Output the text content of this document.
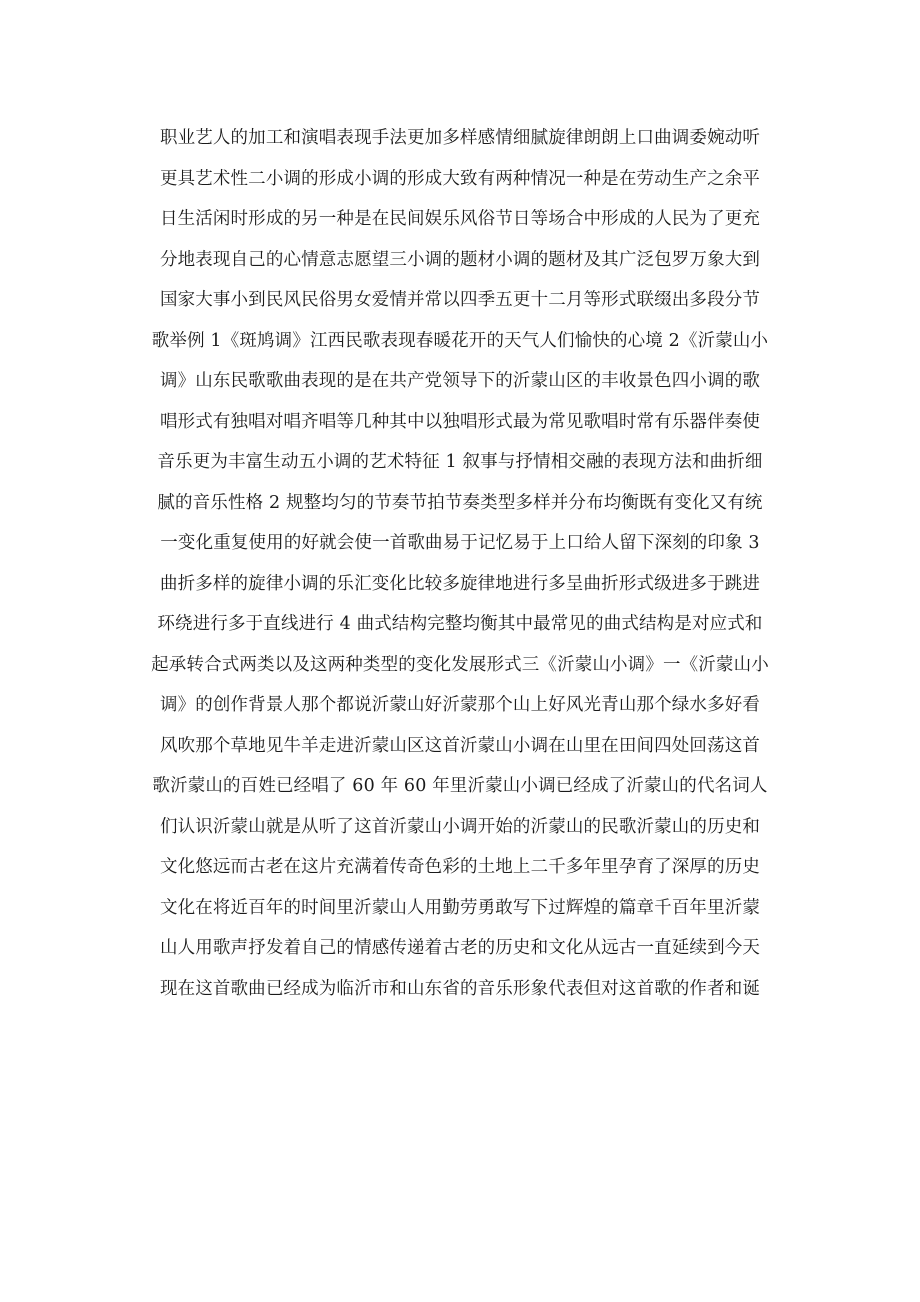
职业艺人的加工和演唱表现手法更加多样感情细腻旋律朗朗上口曲调委婉动听
更具艺术性二小调的形成小调的形成大致有两种情况一种是在劳动生产之余平
日生活闲时形成的另一种是在民间娱乐风俗节日等场合中形成的人民为了更充
分地表现自己的心情意志愿望三小调的题材小调的题材及其广泛包罗万象大到
国家大事小到民风民俗男女爱情并常以四季五更十二月等形式联缀出多段分节
歌举例 1《斑鸠调》江西民歌表现春暖花开的天气人们愉快的心境 2《沂蒙山小
调》山东民歌歌曲表现的是在共产党领导下的沂蒙山区的丰收景色四小调的歌
唱形式有独唱对唱齐唱等几种其中以独唱形式最为常见歌唱时常有乐器伴奏使
音乐更为丰富生动五小调的艺术特征 1 叙事与抒情相交融的表现方法和曲折细
腻的音乐性格 2 规整均匀的节奏节拍节奏类型多样并分布均衡既有变化又有统
一变化重复使用的好就会使一首歌曲易于记忆易于上口给人留下深刻的印象 3
曲折多样的旋律小调的乐汇变化比较多旋律地进行多呈曲折形式级进多于跳进
环绕进行多于直线进行 4 曲式结构完整均衡其中最常见的曲式结构是对应式和
起承转合式两类以及这两种类型的变化发展形式三《沂蒙山小调》一《沂蒙山小
调》的创作背景人那个都说沂蒙山好沂蒙那个山上好风光青山那个绿水多好看
风吹那个草地见牛羊走进沂蒙山区这首沂蒙山小调在山里在田间四处回荡这首
歌沂蒙山的百姓已经唱了 60 年 60 年里沂蒙山小调已经成了沂蒙山的代名词人
们认识沂蒙山就是从听了这首沂蒙山小调开始的沂蒙山的民歌沂蒙山的历史和
文化悠远而古老在这片充满着传奇色彩的土地上二千多年里孕育了深厚的历史
文化在将近百年的时间里沂蒙山人用勤劳勇敢写下过辉煌的篇章千百年里沂蒙
山人用歌声抒发着自己的情感传递着古老的历史和文化从远古一直延续到今天
现在这首歌曲已经成为临沂市和山东省的音乐形象代表但对这首歌的作者和诞
